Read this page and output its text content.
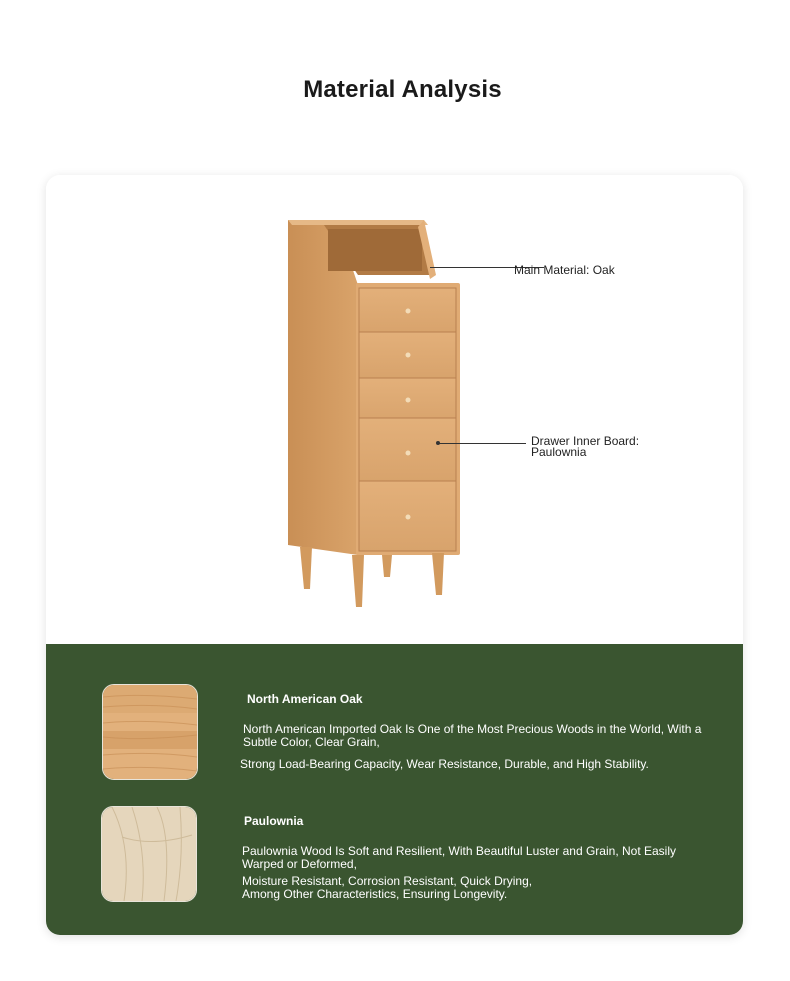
Material Analysis
Main Material: Oak
Drawer Inner Board:
Paulownia
North American Oak
North American Imported Oak Is One of the Most Precious Woods in the World, With a
Subtle Color, Clear Grain,
Strong Load-Bearing Capacity, Wear Resistance, Durable, and High Stability.
Paulownia
Paulownia Wood Is Soft and Resilient, With Beautiful Luster and Grain, Not Easily
Warped or Deformed,
Moisture Resistant, Corrosion Resistant, Quick Drying,
Among Other Characteristics, Ensuring Longevity.
